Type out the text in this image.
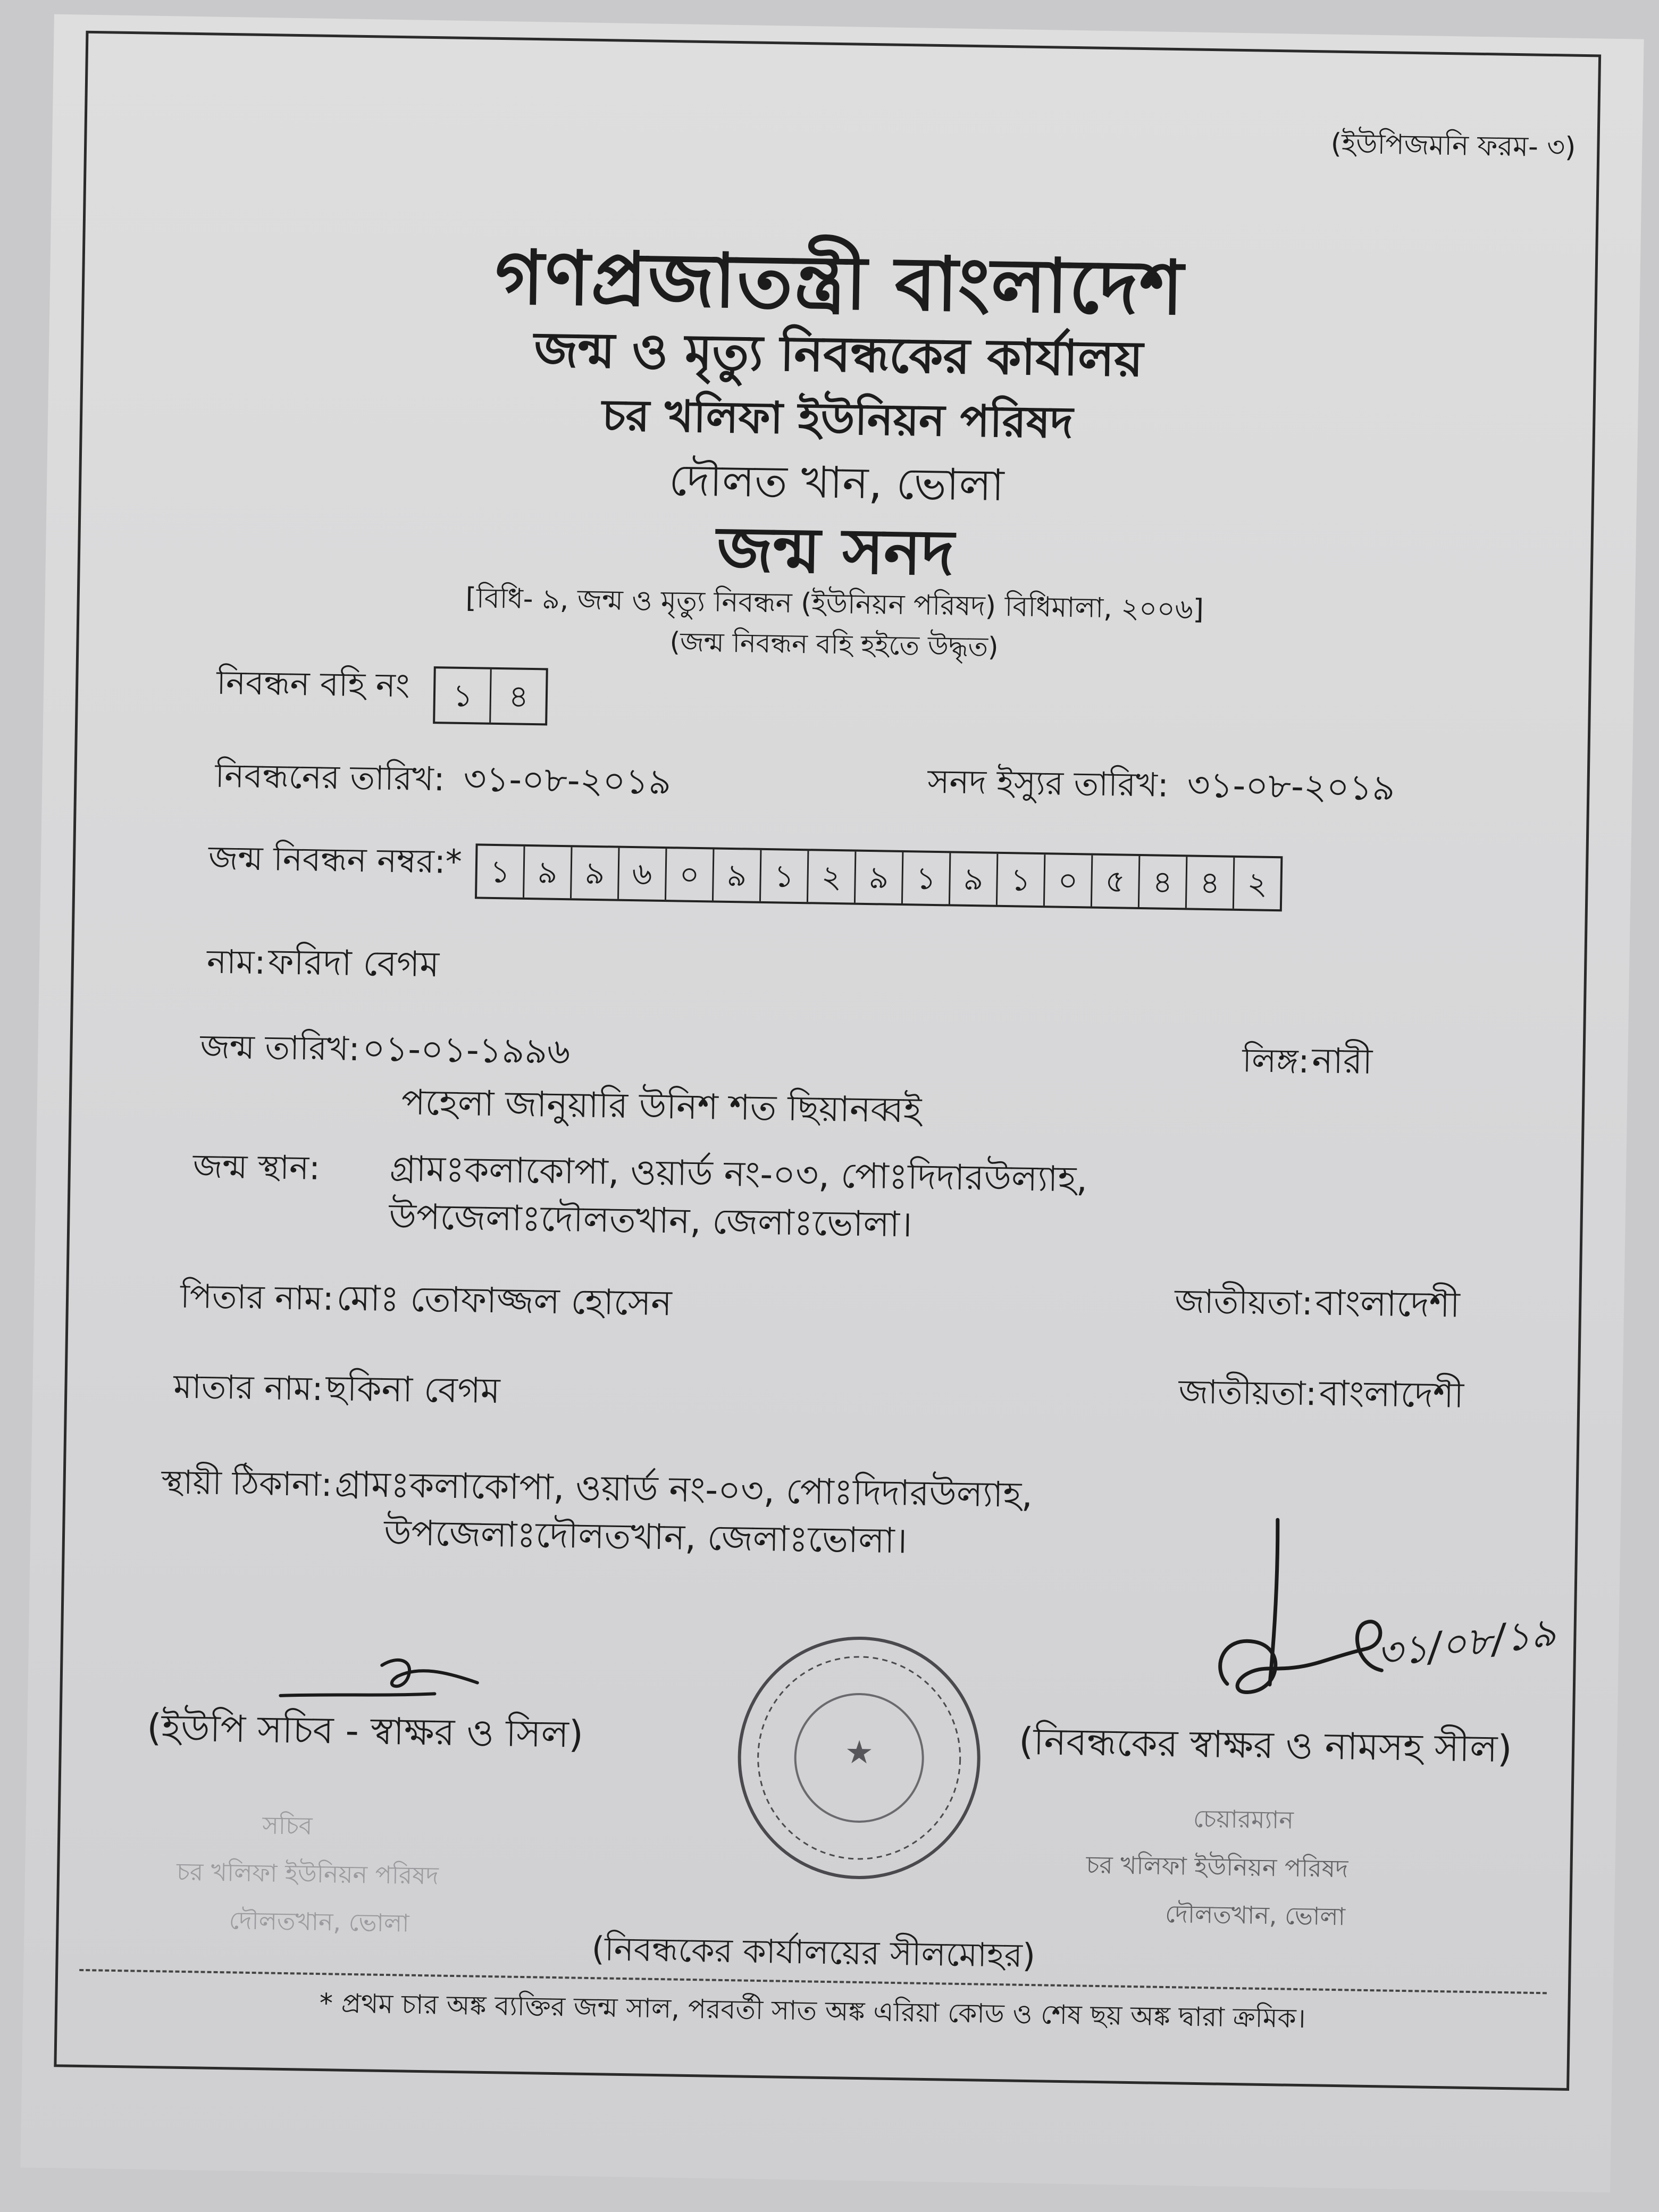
(ইউপিজমনি ফরম- ৩)
গণপ্রজাতন্ত্রী বাংলাদেশ
জন্ম ও মৃত্যু নিবন্ধকের কার্যালয়
চর খলিফা ইউনিয়ন পরিষদ
দৌলত খান, ভোলা
জন্ম সনদ
[বিধি- ৯, জন্ম ও মৃত্যু নিবন্ধন (ইউনিয়ন পরিষদ) বিধিমালা, ২০০৬]
(জন্ম নিবন্ধন বহি হইতে উদ্ধৃত)
নিবন্ধন বহি নং	১	৪
নিবন্ধনের তারিখ: ৩১-০৮-২০১৯	সনদ ইস্যুর তারিখ: ৩১-০৮-২০১৯
জন্ম নিবন্ধন নম্বর:* ১ ৯ ৯ ৬ ০ ৯ ১ ২ ৯ ১ ৯ ১ ০ ৫ ৪ ৪ ২
নাম: ফরিদা বেগম
জন্ম তারিখ: ০১-০১-১৯৯৬	লিঙ্গ: নারী
পহেলা জানুয়ারি উনিশ শত ছিয়ানব্বই
জন্ম স্থান: গ্রামঃকলাকোপা, ওয়ার্ড নং-০৩, পোঃদিদারউল্যাহ,
উপজেলাঃদৌলতখান, জেলাঃভোলা।
পিতার নাম: মোঃ তোফাজ্জল হোসেন	জাতীয়তা: বাংলাদেশী
মাতার নাম: ছকিনা বেগম	জাতীয়তা: বাংলাদেশী
স্থায়ী ঠিকানা: গ্রামঃকলাকোপা, ওয়ার্ড নং-০৩, পোঃদিদারউল্যাহ,
উপজেলাঃদৌলতখান, জেলাঃভোলা।
৩১/০৮/১৯
(ইউপি সচিব - স্বাক্ষর ও সিল)	(নিবন্ধকের স্বাক্ষর ও নামসহ সীল)
সচিব
চর খলিফা ইউনিয়ন পরিষদ
দৌলতখান, ভোলা
চেয়ারম্যান
চর খলিফা ইউনিয়ন পরিষদ
দৌলতখান, ভোলা
★
(নিবন্ধকের কার্যালয়ের সীলমোহর)
* প্রথম চার অঙ্ক ব্যক্তির জন্ম সাল, পরবর্তী সাত অঙ্ক এরিয়া কোড ও শেষ ছয় অঙ্ক দ্বারা ক্রমিক।
